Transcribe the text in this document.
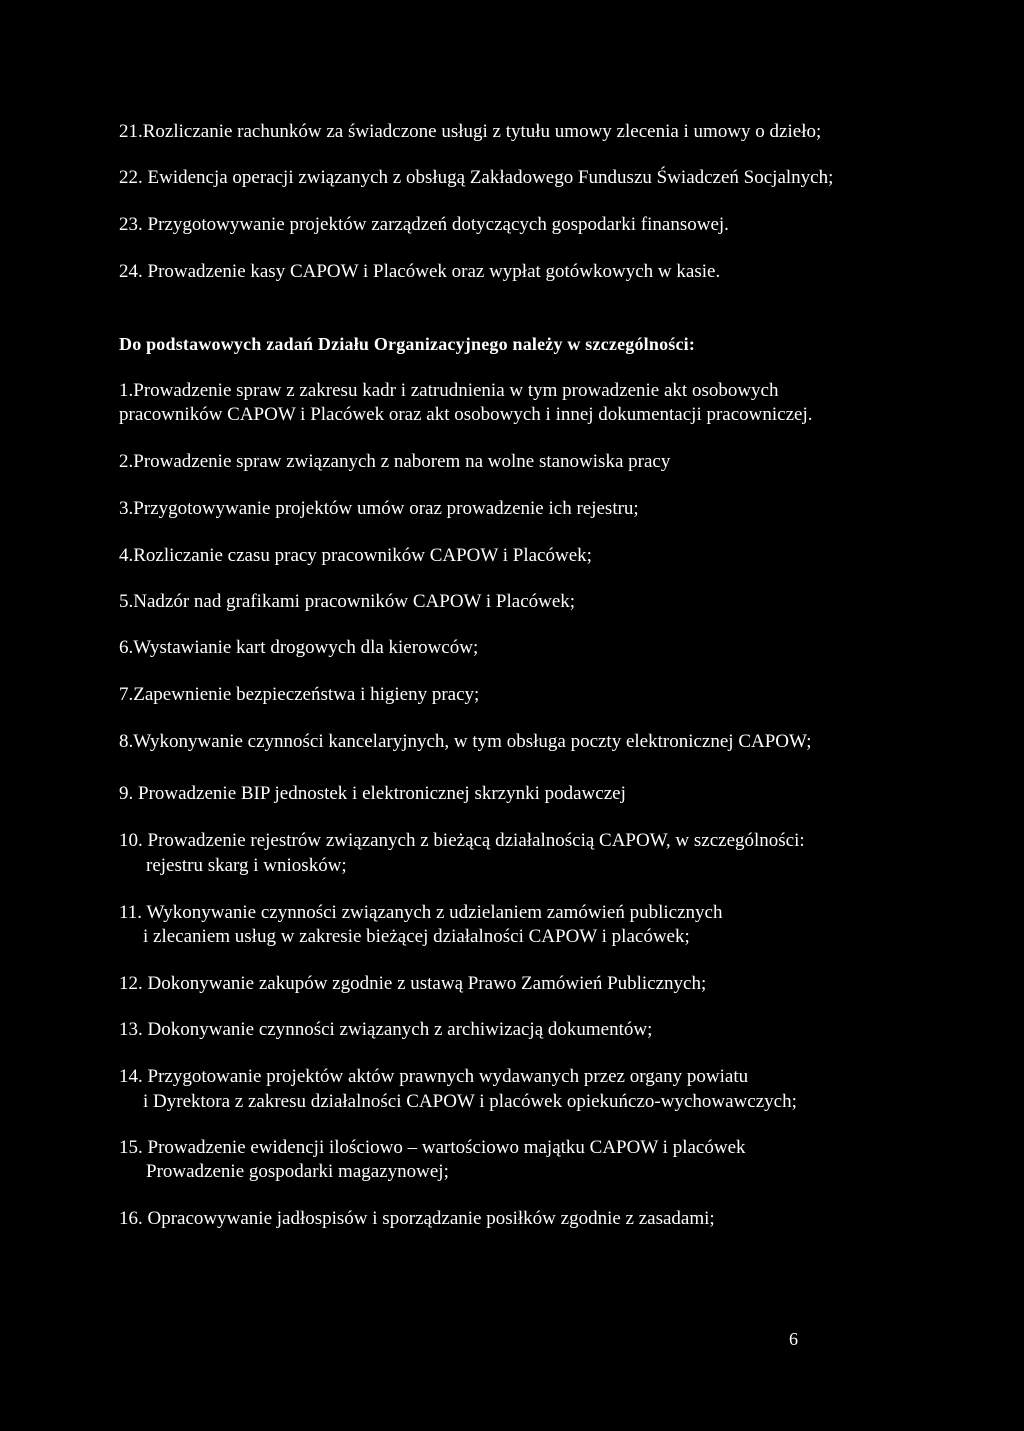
21.Rozliczanie rachunków za świadczone usługi z tytułu umowy zlecenia i umowy o dzieło;
22. Ewidencja operacji związanych z obsługą Zakładowego Funduszu Świadczeń Socjalnych;
23. Przygotowywanie projektów zarządzeń dotyczących gospodarki finansowej.
24. Prowadzenie kasy CAPOW i Placówek oraz wypłat gotówkowych w kasie.
Do podstawowych zadań Działu Organizacyjnego należy w szczególności:
1.Prowadzenie spraw z zakresu kadr i zatrudnienia w tym prowadzenie akt osobowych
pracowników CAPOW i Placówek oraz akt osobowych i innej dokumentacji pracowniczej.
2.Prowadzenie spraw związanych z naborem na wolne stanowiska pracy
3.Przygotowywanie projektów umów oraz prowadzenie ich rejestru;
4.Rozliczanie czasu pracy pracowników CAPOW i Placówek;
5.Nadzór nad grafikami pracowników CAPOW i Placówek;
6.Wystawianie kart drogowych dla kierowców;
7.Zapewnienie bezpieczeństwa i higieny pracy;
8.Wykonywanie czynności kancelaryjnych, w tym obsługa poczty elektronicznej CAPOW;
9. Prowadzenie BIP jednostek i elektronicznej skrzynki podawczej
10. Prowadzenie rejestrów związanych z bieżącą działalnością CAPOW, w szczególności:
rejestru skarg i wniosków;
11. Wykonywanie czynności związanych z udzielaniem zamówień publicznych
i zlecaniem usług w zakresie bieżącej działalności CAPOW i placówek;
12. Dokonywanie zakupów zgodnie z ustawą Prawo Zamówień Publicznych;
13. Dokonywanie czynności związanych z archiwizacją dokumentów;
14. Przygotowanie projektów aktów prawnych wydawanych przez organy powiatu
i Dyrektora z zakresu działalności CAPOW i placówek opiekuńczo-wychowawczych;
15. Prowadzenie ewidencji ilościowo – wartościowo majątku CAPOW i placówek
Prowadzenie gospodarki magazynowej;
16. Opracowywanie jadłospisów i sporządzanie posiłków zgodnie z zasadami;
6
